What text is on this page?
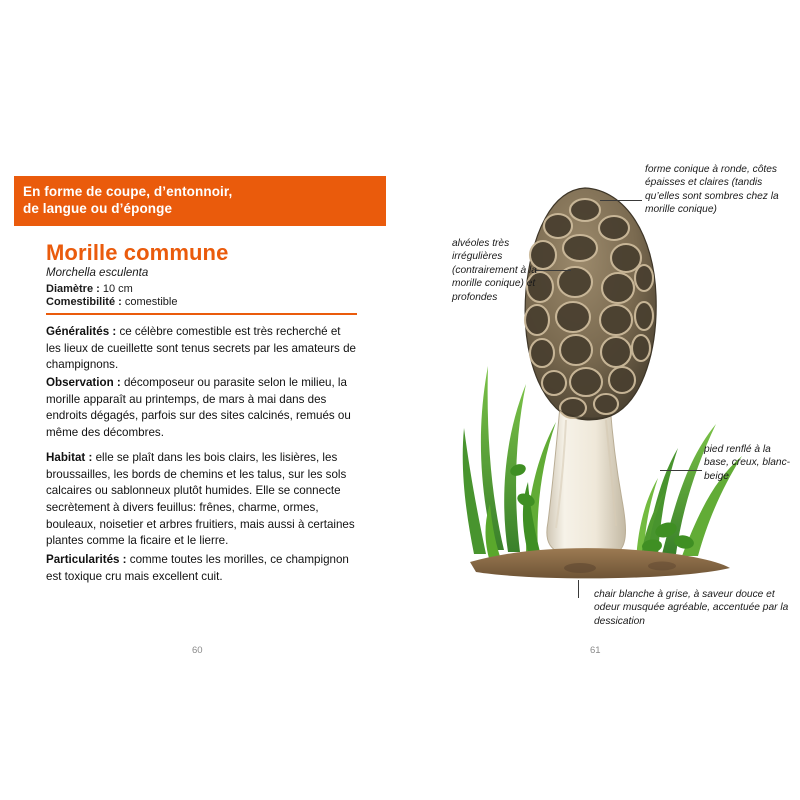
En forme de coupe, d’entonnoir,
de langue ou d’éponge
Morille commune
Morchella esculenta
Diamètre : 10 cm
Comestibilité : comestible
Généralités : ce célèbre comestible est très recherché et les lieux de cueillette sont tenus secrets par les amateurs de champignons.
Observation : décomposeur ou parasite selon le milieu, la morille apparaît au printemps, de mars à mai dans des endroits dégagés, parfois sur des sites calcinés, remués ou même des décombres.
Habitat : elle se plaît dans les bois clairs, les lisières, les broussailles, les bords de chemins et les talus, sur les sols calcaires ou sablonneux plutôt humides. Elle se connecte secrètement à divers feuillus: frênes, charme, ormes, bouleaux, noisetier et arbres fruitiers, mais aussi à certaines plantes comme la ficaire et le lierre.
Particularités : comme toutes les morilles, ce champignon est toxique cru mais excellent cuit.
60
forme conique à ronde, côtes épaisses et claires (tandis qu’elles sont sombres chez la morille conique)
alvéoles très irrégulières (contrairement à la morille conique) et profondes
pied renflé à la base, creux, blanc-beige
chair blanche à grise, à saveur douce et odeur musquée agréable, accentuée par la dessication
61
